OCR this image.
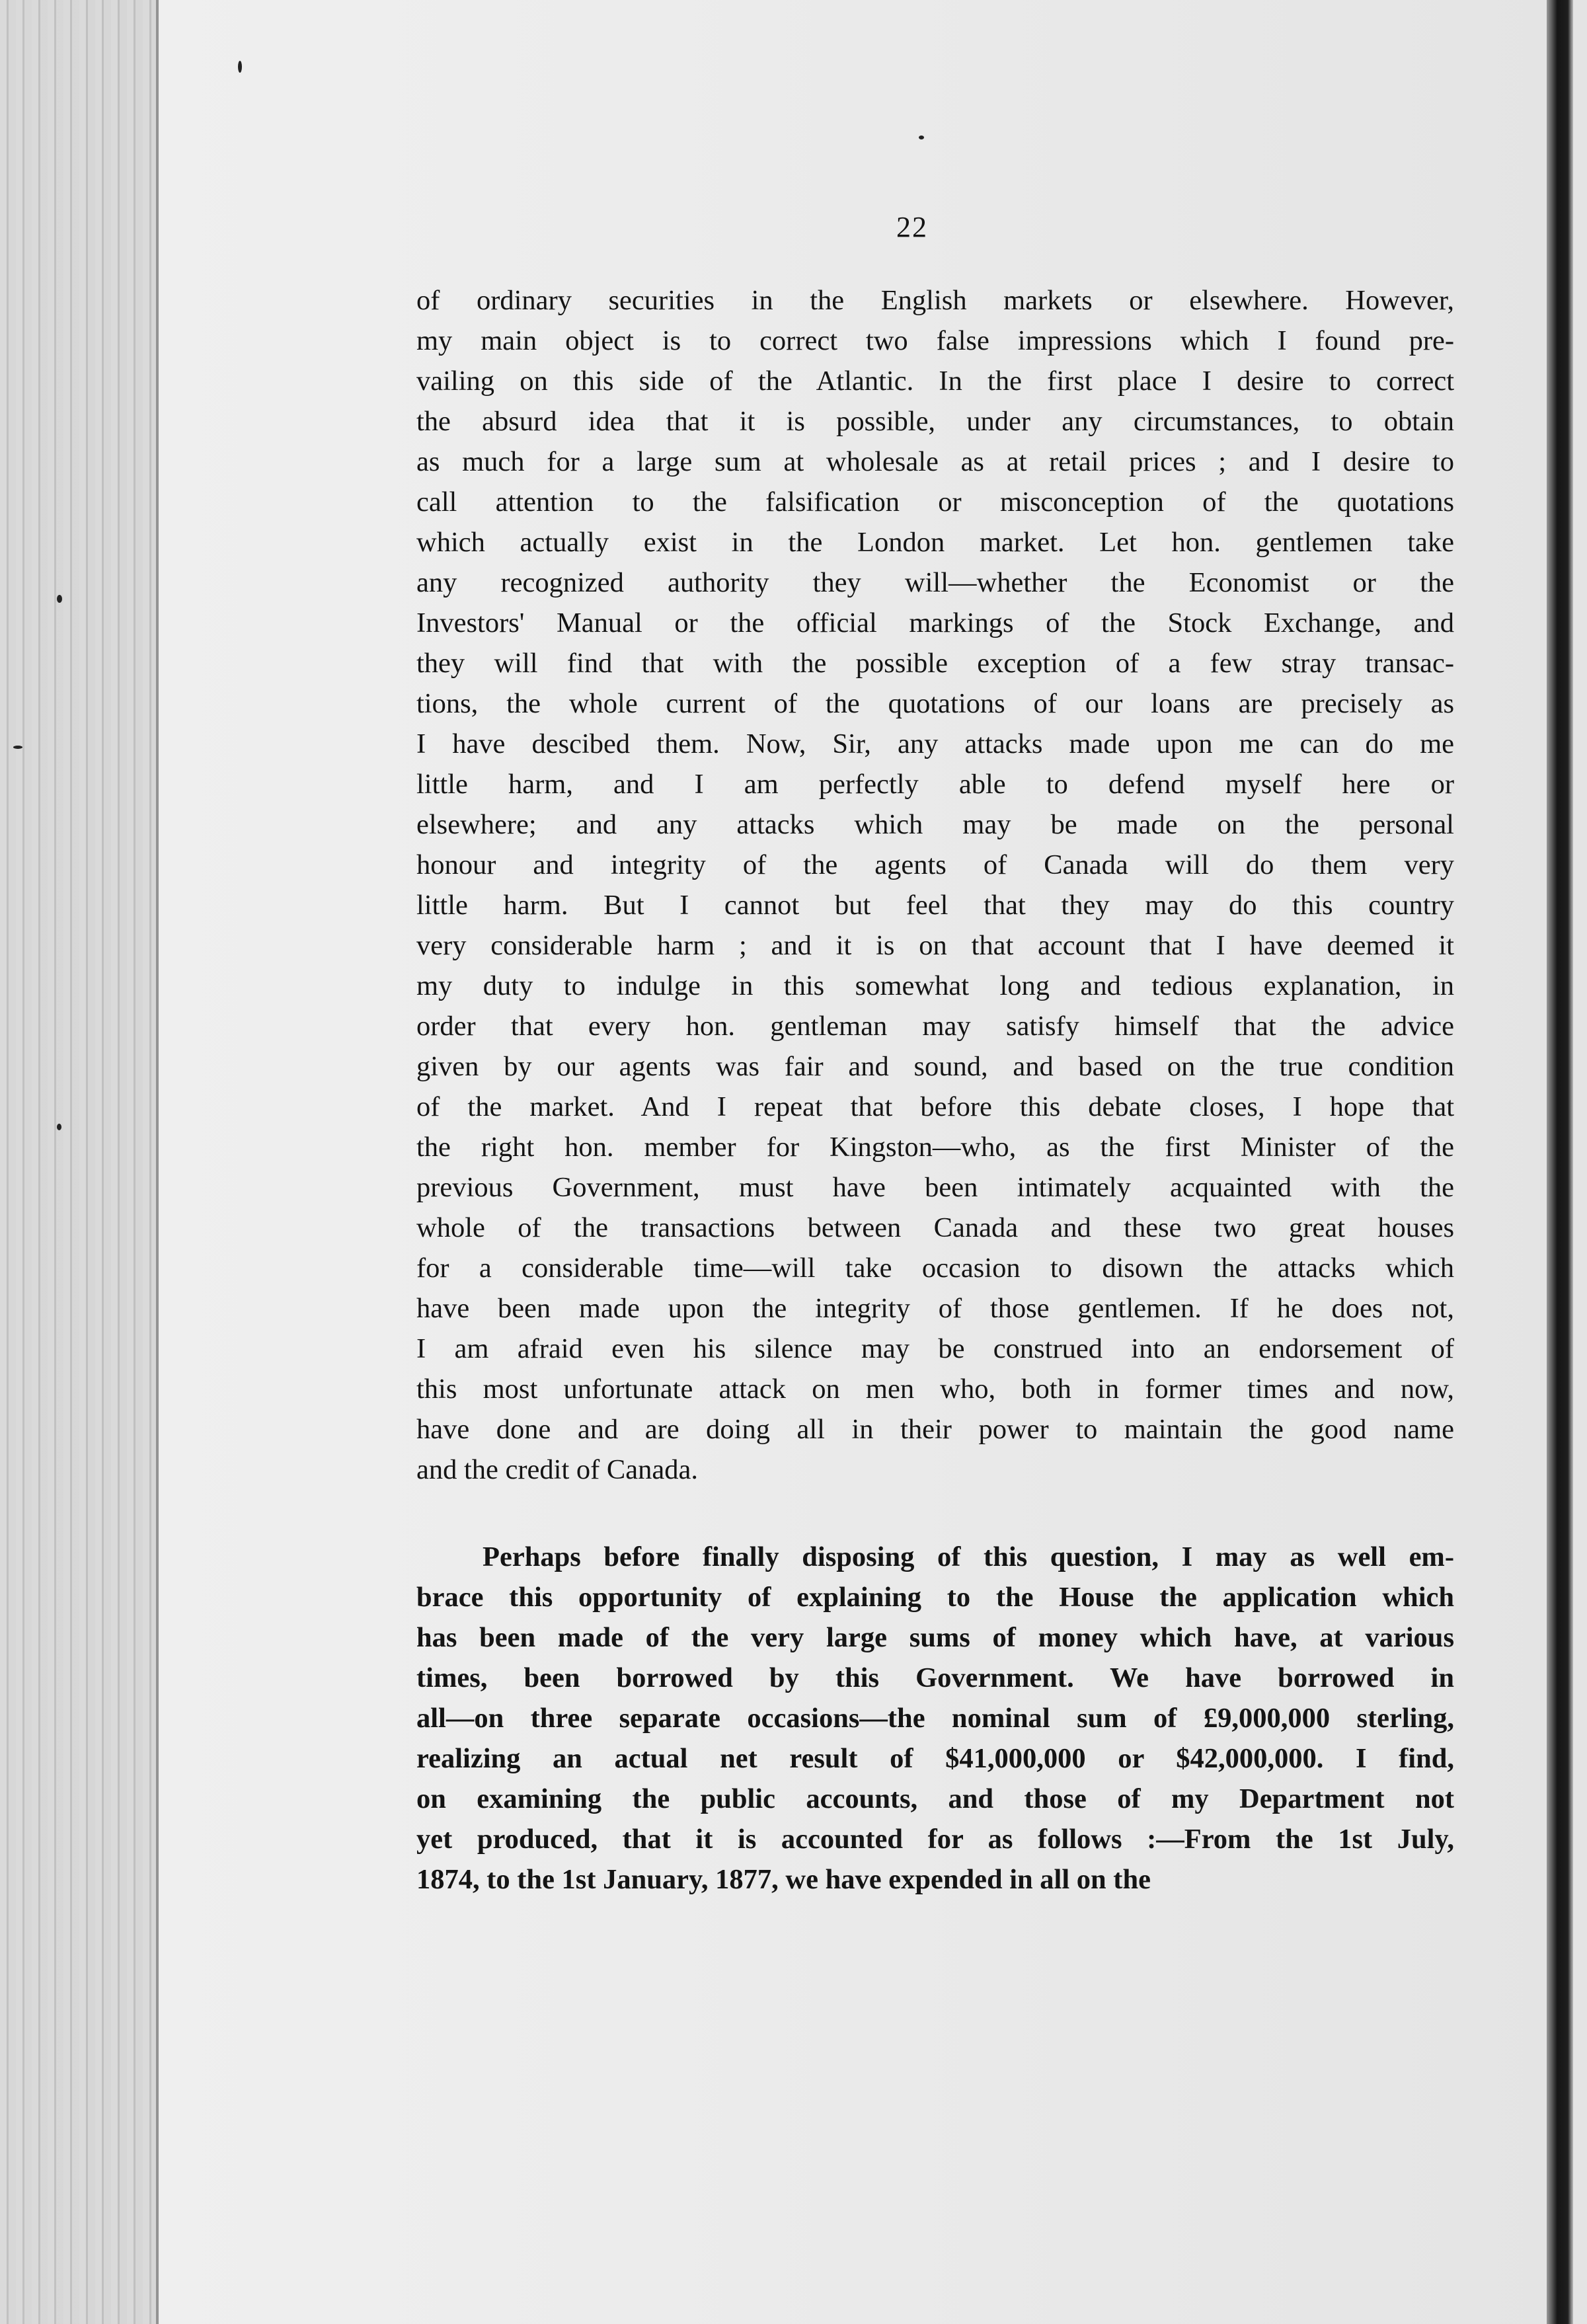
22
of ordinary securities in the English markets or elsewhere. However,
my main object is to correct two false impressions which I found pre-
vailing on this side of the Atlantic. In the first place I desire to correct
the absurd idea that it is possible, under any circumstances, to obtain
as much for a large sum at wholesale as at retail prices ; and I desire to
call attention to the falsification or misconception of the quotations
which actually exist in the London market. Let hon. gentlemen take
any recognized authority they will—whether the Economist or the
Investors' Manual or the official markings of the Stock Exchange, and
they will find that with the possible exception of a few stray transac-
tions, the whole current of the quotations of our loans are precisely as
I have descibed them. Now, Sir, any attacks made upon me can do me
little harm, and I am perfectly able to defend myself here or
elsewhere; and any attacks which may be made on the personal
honour and integrity of the agents of Canada will do them very
little harm. But I cannot but feel that they may do this country
very considerable harm ; and it is on that account that I have deemed it
my duty to indulge in this somewhat long and tedious explanation, in
order that every hon. gentleman may satisfy himself that the advice
given by our agents was fair and sound, and based on the true condition
of the market. And I repeat that before this debate closes, I hope that
the right hon. member for Kingston—who, as the first Minister of the
previous Government, must have been intimately acquainted with the
whole of the transactions between Canada and these two great houses
for a considerable time—will take occasion to disown the attacks which
have been made upon the integrity of those gentlemen. If he does not,
I am afraid even his silence may be construed into an endorsement of
this most unfortunate attack on men who, both in former times and now,
have done and are doing all in their power to maintain the good name
and the credit of Canada.
Perhaps before finally disposing of this question, I may as well em-
brace this opportunity of explaining to the House the application which
has been made of the very large sums of money which have, at various
times, been borrowed by this Government. We have borrowed in
all—on three separate occasions—the nominal sum of £9,000,000 sterling,
realizing an actual net result of $41,000,000 or $42,000,000. I find,
on examining the public accounts, and those of my Department not
yet produced, that it is accounted for as follows :—From the 1st July,
1874, to the 1st January, 1877, we have expended in all on the
